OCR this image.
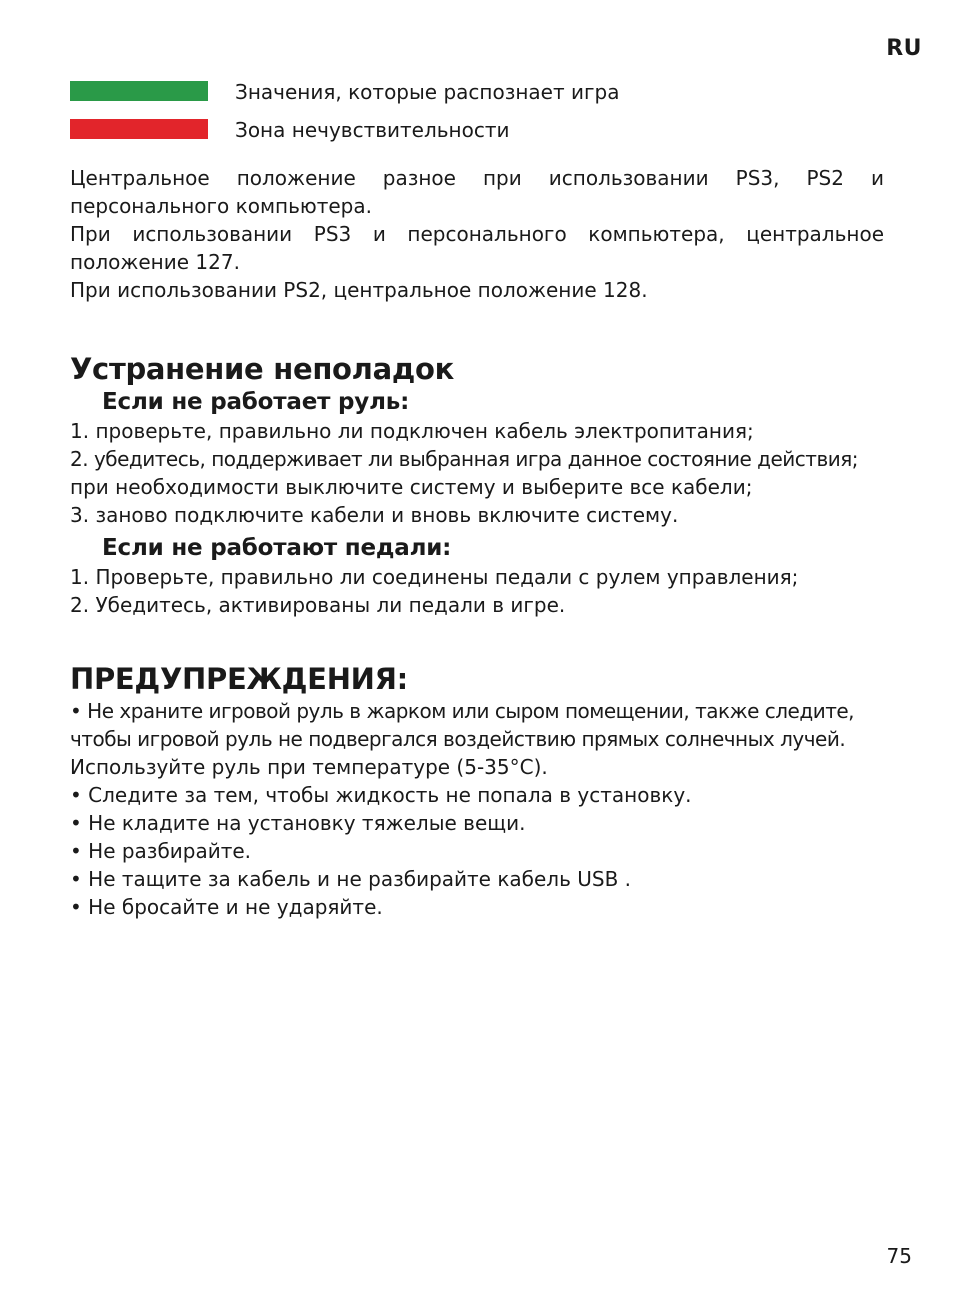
RU
Значения, которые распознает игра
Зона нечувствительности

Центральное положение разное при использовании PS3, PS2 и персонального компьютера.

При использовании PS3 и персонального компьютера, центральное положение 127.

При использовании PS2, центральное положение 128.

Устранение неполадок
Если не работает руль:

1. проверьте, правильно ли подключен кабель электропитания;

2. убедитесь, поддерживает ли выбранная игра данное состояние действия;

при необходимости выключите систему и выберите все кабели;

3. заново подключите кабели и вновь включите систему.

Если не работают педали:

1. Проверьте, правильно ли соединены педали с рулем управления;

2. Убедитесь, активированы ли педали в игре.

ПРЕДУПРЕЖДЕНИЯ:

• Не храните игровой руль в жарком или сыром помещении, также следите,

чтобы игровой руль не подвергался воздействию прямых солнечных лучей.

Используйте руль при температуре (5-35°C).

• Следите за тем, чтобы жидкость не попала в установку.

• Не кладите на установку тяжелые вещи.

• Не разбирайте.

• Не тащите за кабель и не разбирайте кабель USB .

• Не бросайте и не ударяйте.

75
